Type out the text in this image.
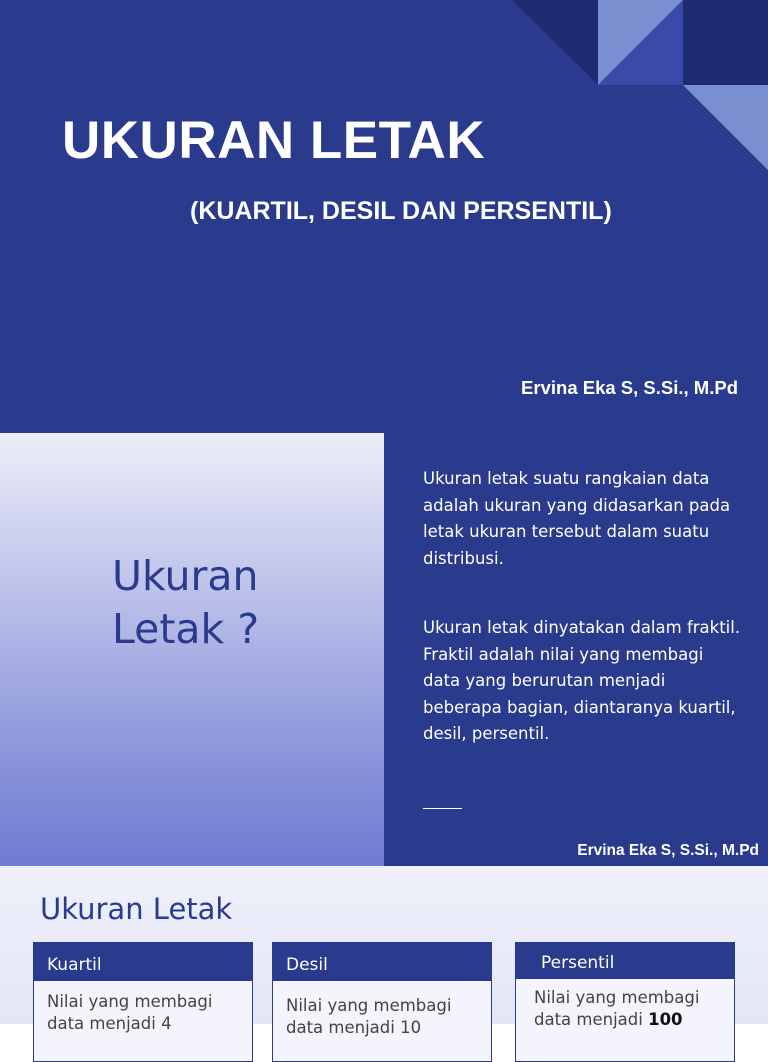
UKURAN LETAK
(KUARTIL, DESIL DAN PERSENTIL)
Ervina Eka S, S.Si., M.Pd
Ukuran
Letak ?

Ukuran letak suatu rangkaian data adalah ukuran yang didasarkan pada letak ukuran tersebut dalam suatu distribusi.

Ukuran letak dinyatakan dalam fraktil. Fraktil adalah nilai yang membagi data yang berurutan menjadi beberapa bagian, diantaranya kuartil, desil, persentil.

Ervina Eka S, S.Si., M.Pd
Ukuran Letak
Kuartil
Nilai yang membagi
data menjadi 4
Desil
Nilai yang membagi
data menjadi 10
Persentil
Nilai yang membagi
data menjadi 100
